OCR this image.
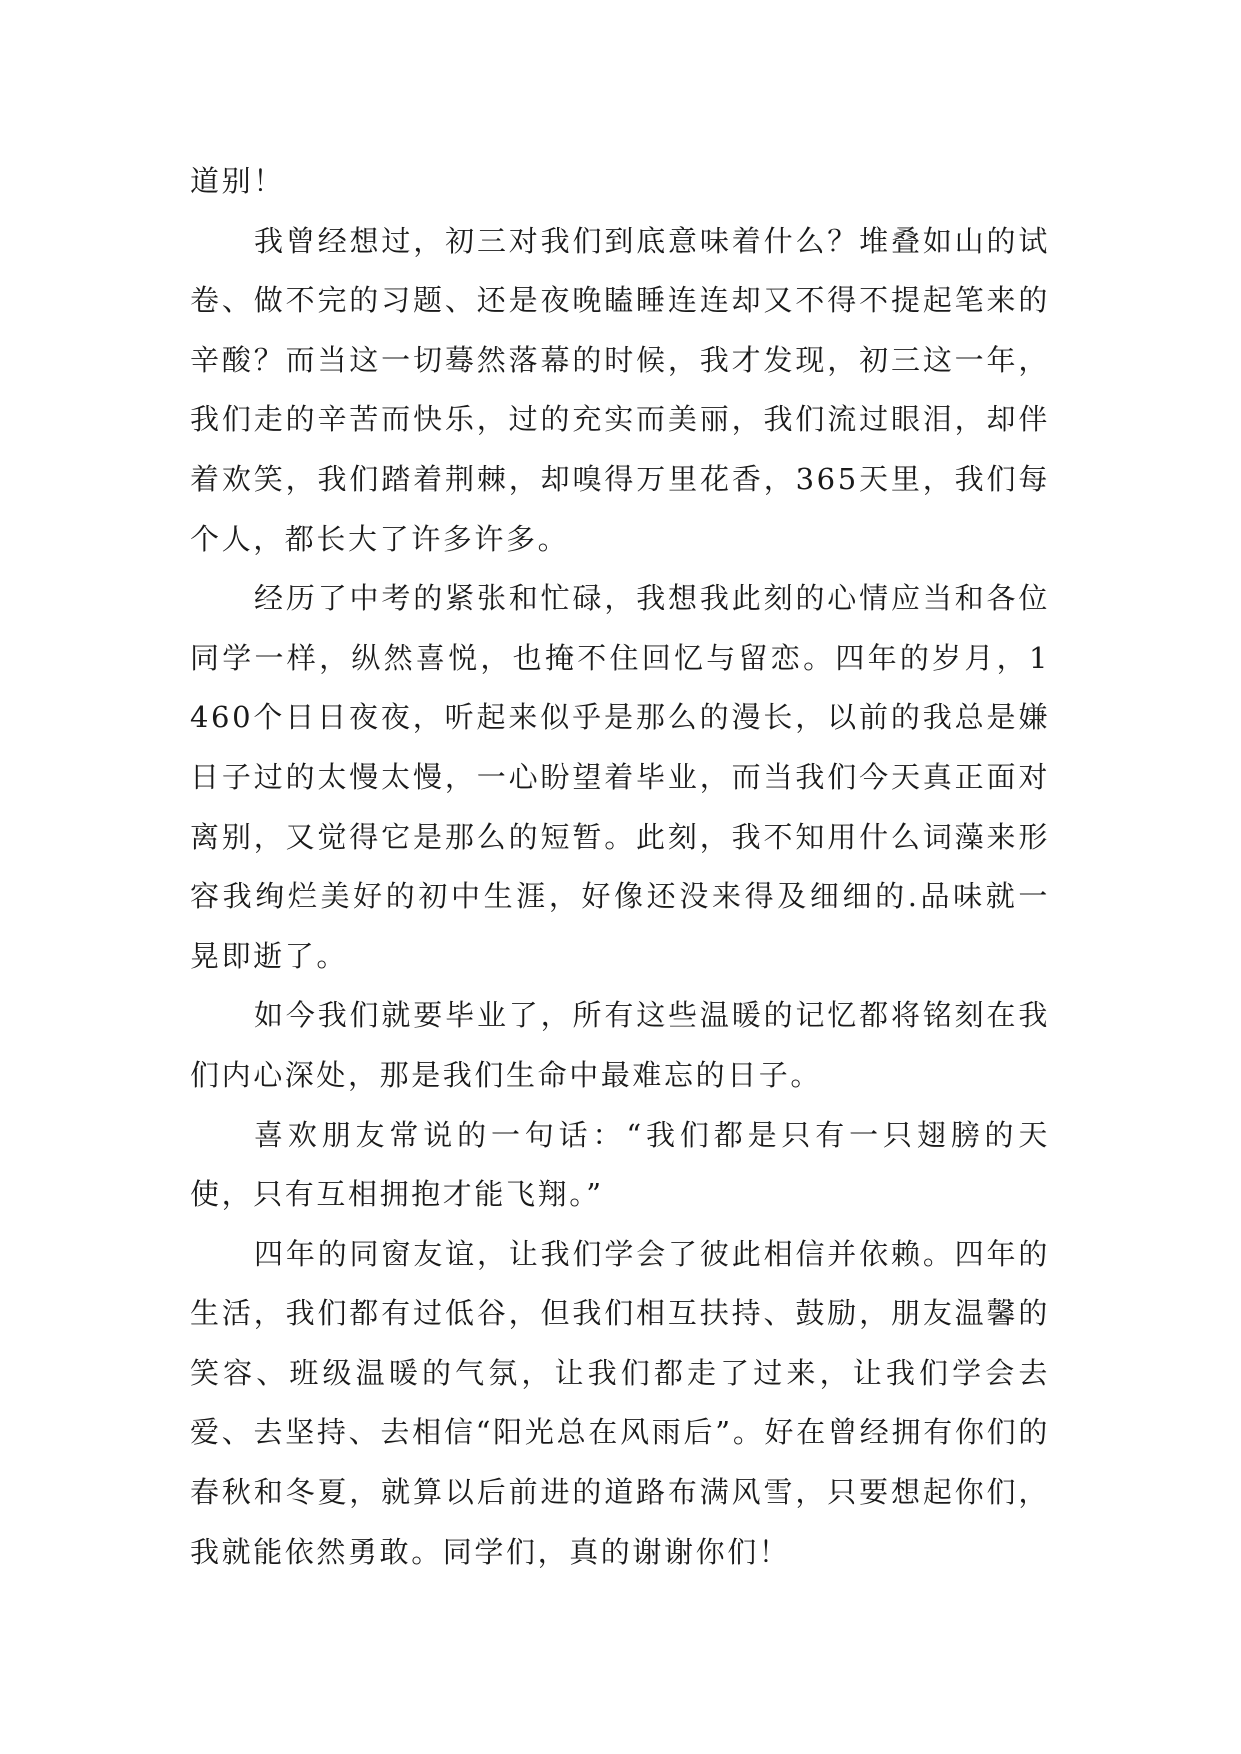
道别！

我曾经想过，初三对我们到底意味着什么？堆叠如山的试卷、做不完的习题、还是夜晚瞌睡连连却又不得不提起笔来的辛酸？而当这一切蓦然落幕的时候，我才发现，初三这一年，我们走的辛苦而快乐，过的充实而美丽，我们流过眼泪，却伴着欢笑，我们踏着荆棘，却嗅得万里花香，365天里，我们每个人，都长大了许多许多。

经历了中考的紧张和忙碌，我想我此刻的心情应当和各位同学一样，纵然喜悦，也掩不住回忆与留恋。四年的岁月，1460个日日夜夜，听起来似乎是那么的漫长，以前的我总是嫌日子过的太慢太慢，一心盼望着毕业，而当我们今天真正面对离别，又觉得它是那么的短暂。此刻，我不知用什么词藻来形容我绚烂美好的初中生涯，好像还没来得及细细的.品味就一晃即逝了。

如今我们就要毕业了，所有这些温暖的记忆都将铭刻在我们内心深处，那是我们生命中最难忘的日子。

喜欢朋友常说的一句话：“我们都是只有一只翅膀的天使，只有互相拥抱才能飞翔。”

四年的同窗友谊，让我们学会了彼此相信并依赖。四年的生活，我们都有过低谷，但我们相互扶持、鼓励，朋友温馨的笑容、班级温暖的气氛，让我们都走了过来，让我们学会去爱、去坚持、去相信“阳光总在风雨后”。好在曾经拥有你们的春秋和冬夏，就算以后前进的道路布满风雪，只要想起你们，我就能依然勇敢。同学们，真的谢谢你们！
